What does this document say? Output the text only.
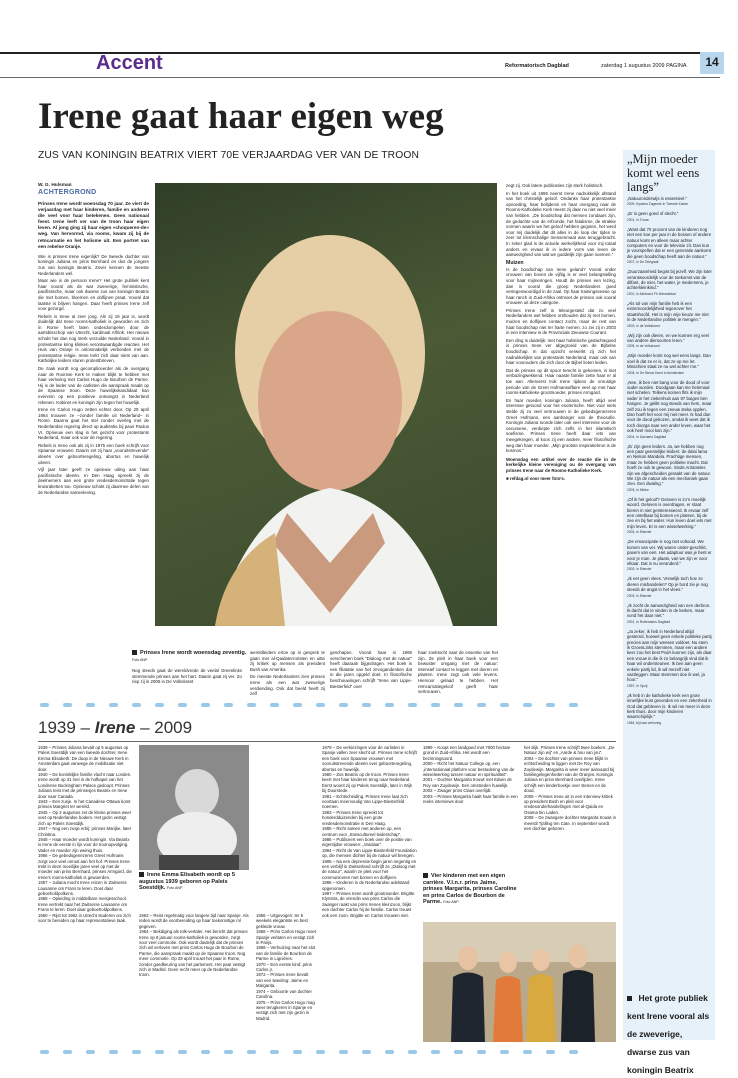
Accent	Reformatorisch Dagblad	zaterdag 1 augustus 2009 PAGINA	14
Irene gaat haar eigen weg
ZUS VAN KONINGIN BEATRIX VIERT 70E VERJAARDAG VER VAN DE TROON	„Mijn moeder komt wel eens langs”

„Natuuronderwijs is essentieel.”

2009, Kyckers Zagende in Tweede Kamer

„Er is geen goed of slecht.”

2001, In Trouw

„Want dat 70 procent van de kinderen nog niet een koe per jaar in de bossen of andere natuur komt en alleen maar achter computers en voor de televisie zit. Dan kun je voorspellen dat er een generatie aankomt die geen boodschap heeft aan de natuur.”

2007, In De Telegraaf

„Duurzaamheid begint bij jezelf. We zijn loter verantwoordelijk voor de toekomst van de dilfant, de mier, het water, je medemens, je achterkleinkind.”

2001, In Allcfucnd Fb Nieuwsblad

„Als tol van mijn familie heb ik een extremoordelijkheid tegenover het staatshoofd. Het is mijn vrije keuze me niet in de Nederlandse politiek te mengen.”

2003, In de Volkskrant

„Wij zijn ook dieren, en we kunnen erg veel van andere diersoorten leren.”

2005, In de Volkskrant

„Mijn moeder komt nog wel eens langs. Dan voel ik dat ze er is, dat ze op me let. Misschien staat ze nu wel achter me.”

2005, In De Nieuw Hoed in Amsterdam

„Nee, ik ben niet bang voor de dood of voor ouder worden. Doodgaan kan me helemaal niet schelen. Telkens komen flits ik mijn vader in het ziekenhuis aan 87 buiges ben hangen. Je gelikt nog steeds van hem, maar zelf zou ik tegen een zeeuw steka opplen. Dan hoeft het voor mij niet meer. Ik had dan voor de dood gekozen, omdat ik weet dat ik toch doorga naar een ander leven, waar het ook heel mooi kan zijn.”

2004, In Dachartz Dagblad

„Er zijn geen leiders. Ja, we hebben nog een paar geestelijke leiders: de dalai lama en Nelson Mandela. Prachtige mensen, maar ze hebben geen politieke macht. Dat hoeft ze ook te gewoon. Sinds Aristoteles zijn we afgescheiden geraakt van de natuur. We zijn de natuur als een mechaniek gaan zien. Een dwaling.”

2003, In Minbe

„Of ik het geloof? Geloven is zo'n moeilijk woord. Geloven is overdragen, er staat bieren in niet geïnteresseerd. Ik ervaar zelf een ontelbaar bij bomen en planten, bij de zee en bij het water. Hun leven doet iets met mijn leven. Er is een wisselwerking.”

2003, In Elsevier

„De emancipatie is nog niet voltooid. We komen van ver. Wij waren onder-geschikt, paxem van een. Het adaptuur was je bent er voor je man. Je plaats, van we zijn er voor elkaar. Dat is nu veranderd.”

2003, In Elsevier

„Ik eet geen vlees. Vreselijk toch hoe ze dieren mishandelen? Op je bord zie je nog steeds de angst in het vlees.”

2003, In Elsevier

„Ik zocht de aanwezigheid van een derbron. Ik dacht dat ie vinden in de kerken, maar vond het daar niet.”

2001, In Rotterdams Dagblad

„Ja zeker, ik heb in Nederland altijd gestemd, hoewel geen enkele politieke partij precies aan mijn wensen voldoet. Nu stem ik GroenLinks stemmen, maar een andere keer zou het best PvdA kunnen zijn, als daar een vrouw in die ik zo belangrijk vind dat ik haar wil ondersteunen. Ik ben aan geen enkele partij lid, ik wil mezelf niet vastleggen. Maar stemmen doe ik wel, ja hoor.”

1997, In Opzij

„Ik heb in de katholieke kerk een grote innerlijke kust gevonden en een zekerheid in God dat gebleven is. Ik wil me meer in deze kerk thuis, door mijn kinderen waarschijnlijk.”

1964, bij haar verloving
Het grote publiek kent Irene vooral als de zweverige, dwarse zus van koningin Beatrix
W. G. Hulsman
ACHTERGROND

Prinses Irene wordt woensdag 70 jaar. Ze viert de verjaardag met haar kinderen, familie en anderen die veel voor haar betekenen. Geen nationaal feest. Irene leeft ver van de troon haar eigen leven. Al jong ging zij haar eigen «choqueren-de» weg. Van hervormd, via rooms, kwam zij bij de reïncarnatie en het holisme uit. Een portret van een rebelse Oranje.

Wie is prinses Irene eigenlijk? De tweede dochter van koningin Juliana en prins Bernhard en dus de jongere zus van koningin Beatrix. Zover kennen de meeste Nederlanders wel.

Maar wie is de persoon Irene? Het grote publiek kent haar vooral als de wat zweverige, feministische, pacifistische, maar ook dwarse zus van koningin Beatrix die met bomen, bloemen en dolfijnen praat. Vooral dat laatste is blijven hangen. Daar heeft prinses Irene zelf voor gezorgd.

Rebels is Irene al zeer jong. Als zij 19 jaar is, wordt duidelijk dat Irene rooms-katholiek is geworden en zich in Rome heeft laten onderdompelen door de aartsbisschop van Utrecht, kardinaal Alfrink. Het nieuws schokt het dan nog sterk verzuilde Nederland. Vooral in protestantse kring klinken verontwaardigde reacties. Het Huis van Oranje is onlosmakelijk verbonden met de protestantse religie. Irene trekt zich daar niets van aan. Katholijke leiders sturen protestbrieven.

De zaak wordt nog gecompliceerder als de overgang naar de Roomse Kerk te maken blijkt te hebben met haar verloving met Carlos Hugo de Bourbon de Parme. Hij is de leider van de carlisten die aanspraak maakt op de Spaanse troon. Deze huwelijkskandidaat kan evenmin op een positieve ontvangst in Nederland rekenen. Kabinet en koningin zijn tegen het huwelijk.

Irene en Carlos Hugo zetten echter door. Op 29 april 1964 trouwen ze –zonder familie uit Nederland– in Rome. Daarna gaat het stel zonder overleg met de Nederlandse regering direct op audiëntie bij paus Paulus VI. Opnieuw een slag in het gezicht voor protestants Nederland, maar ook voor de regering.

Rebels is Irene ook als zij in 1975 een boek schrijft voor Spaanse vrouwen. Daarin zet zij haar „vooruitstrevende” ideeën over geboorteregeling, abortus en huwelijk uiteen.

Vijf jaar later geeft ze opnieuw uiting aan haar pacifistische ideeën. In Den Haag spreekt zij de deelnemers aan een grote vredesdemonstratie tegen kruisraketten toe. Opnieuw schokt zij daarmee delen van de Nederlandse samenleving.

Prinses Irene wordt woensdag zeventig. Foto ANP

Nog steeds gaat de wereldvrede de veelal Greenlinks stemmende prinses aan het hart. Daarin gaat zij ver. Zo riep zij in 2005 in De Volkskrant

wereldleiders ertoe op in gesprek te gaan met al-Qaidaterroristen en uitte zij kritiek op mensen als president Bush van Amerika.

De meeste Nederlanders zien prinses Irene als een wat zweverige verdiending. Ook dat beeld heeft zij zelf

geschapen. Vooral haar in 1995 verschenen boek “Dialoog met de natuur” heeft daaraan bijgedragen. Het boek is een filiatatie van het zevogandenken dat in die jaren opgeld doet. In filosofische beschouwingen schrijft “Irene van Lippe-Biesterfeld” over

haar zoektocht naar de essentie van het zijn. Ze pleit in haar boek voor een bewuster omgang met de natuur: intensief contact te leggen met dieren en planten. Irene zegt ook vele levens. Hiervoor gelaad te hebben. Het reïncarnatiegeloof geeft haar vertrouwen,

zegt zij. Ook latere publicaties zijn sterk holistisch.

In het boek uit 1995 neemt Irene nadrukkelijk afstand van het christelijk geloof. Ondanks haar protestantse opvoeding, haar belijdenis en haar overgang naar de Rooms-Katholieke Kerk meent zij daar nu niet veel meer van hebben. „De boodschap dat mensen zondaars zijn, de gedachte van de erfzonde, het fatalisme, de strakke vormen waarin we het geloof hebben gegoten, het werd voor mij duidelijk dat dit alles in de loop der tijden te zeer tot klemschalige mensenmaat was teruggebracht. In zeker glad is de actuele werkelijkheid voor mij totaal anders en ervaar ik in iedere vorm van leven de aanwezigheid van wat we goddelijk zijn gaan noemen.”

Muizen

Is de boodschap van Irene geland? Vooral onder vrouwen van boven de vijftig is er veel belangstelling voor haar mijmeringen. Houdt de prinses een lezing, dan is vooral die groep Nederlanders goed vertegenwoordigd in de zaal. Op haar trainingssessie op haar ranch in Zuid-Afrika ontmoet de prinses ook vooral vrouwen uit deze categorie.

Prinses Irene zelf is teleurgesteld dat zo veel Nederlanders wel hebben onthouden dat zij met bomen, muizen en dolfijnen contact zocht, maar de rest van haar boodschap niet ter harte nemen, zo zei zij in 2003 in een interview in de Provinciale Zeeuwse Courant.

Een ding is duidelijk: met haar holistische gedachtegoed is prinses Irene ver afgegroeid van de Bijbelse boodschap. In dat opzicht verwerkt zij zich het nadrukkelijkst van protestants Nederland, maar ook van haar voorouders die zich door de Bijbel lieten leiden.

Dat de prinses op dit spoor terecht is gekomen, is niet verbazingwekkend. Haar naaste familie zette haar er al toe aan. Allereerst trok Irene tijdens de onrustige periode van de Greet Hofmansaffaire veel op met haar rooms-katholieke grootmoeder, prinses Armgard.

En haar moeder, koningin Juliana, heeft altijd veel interesse getoond voor het esoterische. Niet voor niets stelde zij zo veel vertrouwen in de gebedsgenezeres Greet Hofmans, een aanhanger van de theosofie. Koningin Juliana toonde later ook veel interesse voor de oecumene, verdiepte zich zelfs in het islamitisch soefisme. Prinses Irene heeft daar iets van meegekregen, al koos zij een andere, meer filosofische weg dan haar moeder. „Mijn grootste inspiratiebron is de kosmos.”

Woensdag een artikel over de reactie die in de kerkelijke kleine vereniging ou de overgang van prinses Irene naar de Rooms-Katholieke Kerk.

■ refdag.nl voor meer foto's.

1939 – Irene – 2009

1939 – Prinses Juliana bevalt op 5 augustus op Paleis Soestdijk van een tweede dochter, Irene Emma Elisabeth. De doop in de Nieuwe Kerk in Amsterdam gaat vanwege de mobilisatie niet door.

1940 – De koninklijke familie vlucht naar Londen. Irene wordt op 31 mei in de hofkapel van het Londense Buckingham Palace gedoopt. Prinses Juliana reist met de prinsesjes Beatrix en Irene door naar Canada.

1943 – Een zusje. In het Canadese Ottawa komt prinses Margriet ter wereld.

1945 – Op 2 augustus zet de kleine prinses weer voet op Nederlandse bodem. Het gezin vestigt zich op Paleis Soestdijk.

1947 – Nog een zusje erbij: prinses Marijke, later Christina.

1948 – Haar moeder wordt koningin. Via Beatrix is Irene de eerste in lijn voor de troonopvolging. Vader en moeder zijn weinig thuis.

1956 – De gebedsgenezeres Greet Hofmans zorgt voor veel onrust aan het hof. Prinses Irene trekt in deze moeilijke jaren veel op met de moeder van prins Bernhard, prinses Armgard, die Irene's rooms-katholiek is gewoerden.

1957 – Juliana mocht Irene reizen in Zwitserse Lausanne om Frans te leren. Doet daar geboeholdpolkens.

1958 – Opleiding in middelbare meisjesschool. Irene vertrekt naar het Zwitserse Lausanne om Frans te leren. Doet daar geboeholdpolkens.

1960 – Rijst tot 1962 in Utrecht studeren om zich voor te bereiden op haar representatieve taak.

Irene Emma Elisabeth wordt op 5 augustus 1939 geboren op Paleis Soestdijk. Foto ANP

1963 – Reist regelmatig voor langere tijd naar Spanje. Als reden wordt de voorbereiding op haar toekomstige rol gegeven.

1964 – Bekdiging als tolk-vertaler. Het bericht dat prinses Irene op 8 januari rooms-katholiek is geworden, zorgt voor veel commotie. Ook wordt duidelijk dat de prinses zich wil verloven met prins Carlos Hugo de Bourbon de Parme, die aanspraak maakt op de Spaanse troon. Nog meer commotie. Op 29 april trouwt het paar in Rome, zonder goedkeuring van het parlement. Het paar vestigt zich in Madrid. Geen recht meer op de Nederlandse troon.

1966 – Uitgevogen: ter 5 weekels elegantste en best gekleide vrouw.

1968 – Prins Carlos Hugo moet Spanje verlaten en vestigt zich in Parijs.

1969 – Verhuizing naar het slot van de familie de Bourbon de Parme in Lignières.

1970 – Een eerste kind: prins Carlos jr.

1972 – Prinses Irene bevalt van een tweeling: Jaime en Margarita.

1974 – Geboorte van dochter Carolina.

1975 – Prins Carlos Hugo mag weer terugkeren in Spanje en vestigt zich met zijn gezin in Madrid.

1979 – De verkiezingen voor de carlisten in Spanje vallen zeer slecht uit. Prinses Irene schrijft een boek voor Spaanse vrouwen met vooruitstrevende ideeën over geboorteregeling, abortus en huwelijk.

1980 – Zus Beatrix op de troon. Prinses Irene keert met haar kinderen terug naar Nederland. Eerst woont zij op Paleis Soestdijk, later in Wijk bij Duurstede.

1981 – Echtscheiding. Prinses Irene laat zich voortaan meervoudig Van Lippe-Biesterfeld noemen.

1983 – Prinses Irene spreekt tot honderdduizenden bij een grote vredesdemonstratie in Den Haag.

1985 – Richt samen met anderen op, een centrum voor „transcultureel leiderschap”.

1986 – Publiceert een boek over de positie van eigentijdse vrouwen: „Vandaar”.

1994 – Richt de Van Lippe-Biesterfeld Foundation op, die mensen dichter bij de natuur wil brengen.

1995 – Na een depressie begin jaren negentig en een verblijf in Zwitserland schrijft ze „Dialoog met de natuur”, waarin ze pleit voor het communiceren met bomen en dolfijnen.

1996 – Kinderen in de Nederlandse adelstand opgenomen.

1997 – Prinses Irene wordt grootmoeder. Brigitte Klynstra, de vriendin van prins Carlos die zwanger raakt van prins Irenes kleinzoon, blijkt een dochter Carlos hij de familie. Carlos trouwt ook een zoon. Brigitte en Carlos trouwen niet.

1999 – Koopt een landgoed met 7000 hectare grond in Zuid-Afrika. Het wordt een bezinningsoord.

2000 – Richt het Natuur College op, een „internationaal platform voor bestudering van de wisselwerking tussen natuur en spiritualiteit”.

2001 – Dochter Margarita trouwt met Edwin de Roy van Zuydewijn. Een omstreden huwelijk.

2002 – Zwager prins Claus overlijdt.

2003 – Prinses Margarita haalt haar familie in een reeks interviews door

Vier kinderen met een eigen carrière. V.l.n.r. prins Jaime, prinses Margarita, prinses Caroline en prins Carlos de Bourbon de Parme. Foto ANP

het slijk. Prinses Irene schrijft twee boeken: „De Natuur zijn wij” en „Aarde & hou van jou”.

2004 – De dochter van prinses Irene blijkt in echtscheiding te liggen met De Roy van Zuydewijn. Margarita is weer meer aanvaard bij familiegelegenheden van de Oranjes. Koningin Juliana en prins Bernhard overlijden. Irene schrijft een kinderboekje over stenen en de dood.

2005 – Prinses Irene uit in een interview kritiek op president Bush en pleit voor vredesonderhandelingen met al-Qaida en Osama bin Laden.

2008 – De zwangere dochter Margarita trouwt in meestil Tjalling ten Cate. In september wordt een dochter geboren.
